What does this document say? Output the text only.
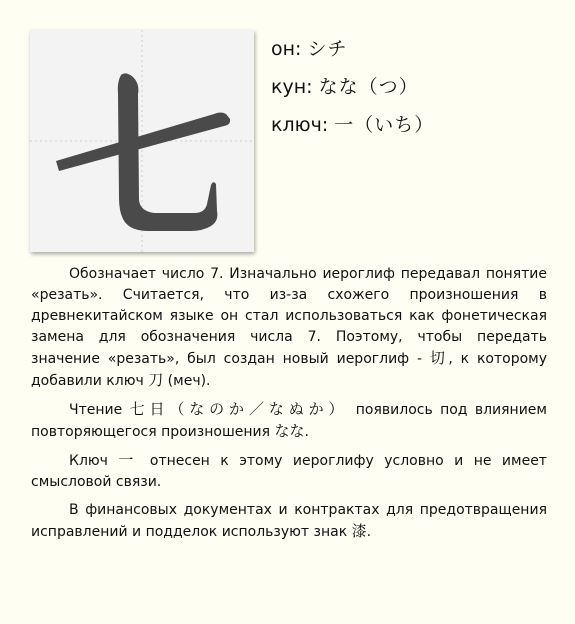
он: シチ
кун: なな（つ）
ключ: 一（いち）

Обозначает число 7. Изначально иероглиф передавал понятие «резать». Считается, что из-за схожего произношения в древнекитайском языке он стал использоваться как фонетическая замена для обозначения числа 7. Поэтому, чтобы передать значение «резать», был создан новый иероглиф - 切, к которому добавили ключ 刀 (меч).

Чтение 七日（なのか／なぬか） появилось под влиянием повторяющегося произношения なな.

Ключ 一 отнесен к этому иероглифу условно и не имеет смысловой связи.

В финансовых документах и контрактах для предотвращения исправлений и подделок используют знак 漆.
